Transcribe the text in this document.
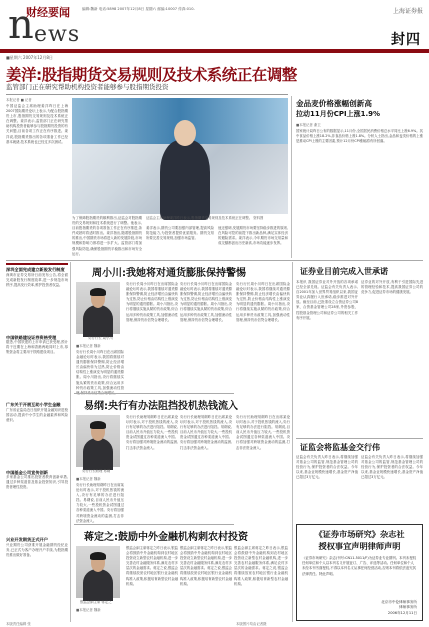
n
财经要闻
ews
编辑:魏新 电话:5898 2007年12月8日 星期六 邮编:10007 传真:010-	上海证券报
封四
■星期六 2007年12月8日
姜洋:股指期货交易规则及技术系统正在调整
监管部门正在研究帮助机构投资者能够参与股指期货投资
本报记者 ■ 记者
中国证监会主席助理姜洋昨日在上海2007国际期货论坛上表示,为配合股指期货上市,股指期货交易规则及技术系统正在调整。姜洋表示,监管部门正在研究帮助机构投资者能够参与股指期货投资的有关问题,目前各项工作正在有序推进。姜洋说,股指期货推出的各项准备工作已经基本就绪,技术系统也已经过多次测试。
证监会主席助理姜洋昨日表示,股指期货交易规则及技术系统正在调整。 资料图
为了保障股指期货的顺利推出,证监会对股指期货的交易规则和技术系统进行了调整。他表示,目前股指期货的各项准备工作正在有序推进,条件成熟时将适时推出。姜洋指出,随着股指期货的推出,中国期货市场将进入新的发展阶段,市场规模和影响力都将进一步扩大。监管部门将加强风险防范,确保股指期货平稳推出和市场安全运行。
姜洋表示,期货公司要加强内部管理,提高风险防范能力,为投资者提供优质服务。期货交易所要完善交易规则,加强市场监管。
他还强调,发展期货市场要坚持稳步推进的原则,在风险可控的前提下推出新品种,满足实体经济的避险需求。姜洋表示,今年期货市场交易量和成交额都创出历史新高,市场功能逐步发挥。
金品麦价格涨幅创新高
拉动11月份CPI上涨1.9%
■本报记者 谢卫
国家统计局昨日公布的数据显示,11月份,全国居民消费价格总水平同比上涨6.9%。其中食品价格上涨18.2%,非食品价格上涨1.8%。分析人士指出,金品和麦类价格的上涨是推动CPI上涨的主要因素,预计12月份CPI涨幅将有所回落。
深圳全面完成建立新股发行制度
深圳市证券交易所日前发布公告,将全面完成新股发行制度改革,进一步规范市场秩序,提高发行效率,维护投资者权益。
中国铁路建设证券资格受理
据悉,中国铁建的上市申请已获受理,预计将于近期在上海和香港两地同时上市,募集资金将主要用于铁路建设项目。
广东关于开展互助小学生金融
广东省证监局近日组织开展金融知识进校园活动,提高中小学生的金融素养和风险意识。
中国基金公司宣传创新
多家基金公司推出投资者教育创新举措,通过多种渠道普及基金投资知识,引导投资者理性投资。
兴业开发期货正式开户
兴业期货公司获准开展金融期货经纪业务,已正式为客户办理开户手续,为股指期货推出做好准备。
周小川:我她将对通货膨胀保持警惕
央行行长 周小川
■本报记者 魏新
央行行长周小川昨日在出席国际金融论坛时表示,我国将继续对通货膨胀保持警惕,防止经济增长由偏快转为过热,防止价格由结构性上涨演变为明显的通货膨胀。周小川指出,央行将继续实施从紧的货币政策,综合运用多种货币政策工具,加强流动性管
央行行长周小川昨日在出席国际金融论坛时表示,我国将继续对通货膨胀保持警惕,防止经济增长由偏快转为过热,防止价格由结构性上涨演变为明显的通货膨胀。周小川指出,央行将继续实施从紧的货币政策,综合运用多种货币政策工具,加强流动性管理,保持货币信贷合理增长。
央行行长周小川昨日在出席国际金融论坛时表示,我国将继续对通货膨胀保持警惕,防止经济增长由偏快转为过热,防止价格由结构性上涨演变为明显的通货膨胀。周小川指出,央行将继续实施从紧的货币政策,综合运用多种货币政策工具,加强流动性管理,保持货币信贷合理增长。
易纲:央行有办法阻挡投机热钱流入
央行行长助理 易纲
■本报记者 魏新
央行行长助理易纲昨日在出席某论坛时表示,对于投机热钱的流入,央行有足够的办法进行阻挡。易纲说,目前人民币升值压力较大,一些投机资金试图通过各种渠道流入中国。央行将加强对跨境资金流动的监测,打击非法资金流入。
央行行长助理易纲昨日在出席某论坛时表示,对于投机热钱的流入,央行有足够的办法进行阻挡。易纲说,目前人民币升值压力较大,一些投机资金试图通过各种渠道流入中国。央行将加强对跨境资金流动的监测,打击非法资金流入。
央行行长助理易纲昨日在出席某论坛时表示,对于投机热钱的流入,央行有足够的办法进行阻挡。易纲说,目前人民币升值压力较大,一些投机资金试图通过各种渠道流入中国。央行将加强对跨境资金流动的监测,打击非法资金流入。
蒋定之:鼓励中外金融机构刺农村投资
银监会副主席 蒋定之
■本报记者 魏新
银监会副主席蒋定之昨日表示,银监会将鼓励中外金融机构到农村地区投资设立新型农村金融机构,进一步完善农村金融服务体系,满足农村多层次的金融需求。蒋定之说,银监会将继续放宽农村地区银行业金融机构准入政策,积极培育新型农村金融机构。
银监会副主席蒋定之昨日表示,银监会将鼓励中外金融机构到农村地区投资设立新型农村金融机构,进一步完善农村金融服务体系,满足农村多层次的金融需求。蒋定之说,银监会将继续放宽农村地区银行业金融机构准入政策,积极培育新型农村金融机构。
银监会副主席蒋定之昨日表示,银监会将鼓励中外金融机构到农村地区投资设立新型农村金融机构,进一步完善农村金融服务体系,满足农村多层次的金融需求。蒋定之说,银监会将继续放宽农村地区银行业金融机构准入政策,积极培育新型农村金融机构。
央行行长周小川昨日在出席国际金融论坛时表示,我国将继续对通货膨胀保持警惕,防止经济增长由偏快转为过热,防止价格由结构性上涨演变为明显的通货膨胀。周小川指出,央行将继续实施从紧的货币政策,综合运用多种货币政策工具,加强流动性管理,保持货币信贷合理增长。
央行行长助理易纲昨日在出席某论坛时表示,对于投机热钱的流入,央行有足够的办法进行阻挡。易纲说,目前人民币升值压力较大,一些投机资金试图通过各种渠道流入中国。央行将加强对跨境资金流动的监测,打击非法资金流入。
证券业目前完成入世承诺
本报讯 我国证券业对外开放的各项承诺已经全部兑现。证监会有关负责人表示,自2001年加入世界贸易组织以来,我国证券业认真履行入世承诺,稳步推进对外开放。截至目前,已批准设立合资证券公司8家、合资基金管理公司28家,外资参股、控股基金管理公司和证券公司的相关工作有序开展。
证券业的对外开放,有利于引进国际先进的管理经验和技术,提高我国证券公司的竞争力,促进证券市场的健康发展。
证监会将监基金交行伟
证监会有关负责人昨日表示,将继续加强对基金公司的监管,规范基金管理公司的经营行为,保护投资者的合法权益。今年以来,基金业规模快速增长,基金资产净值已超过3万亿元。
证监会有关负责人昨日表示,将继续加强对基金公司的监管,规范基金管理公司的经营行为,保护投资者的合法权益。今年以来,基金业规模快速增长,基金资产净值已超过3万亿元。
《证券市场研究》杂志社
授权事宜声明律师声明
《证券市场研究》杂志(刊号:CN11-5011/F)为证券业专业期刊。本刊未授权任何单位和个人以本刊名义开展征订、广告、评选等活动。任何单位和个人未经本刊书面授权,不得以本刊名义从事任何经营活动,否则本刊将依法追究其法律责任。特此声明。
北京市中伦律师事务所
律师事务所
2006年12月11日
本版责任编辑 张	本版图片均由记者摄
